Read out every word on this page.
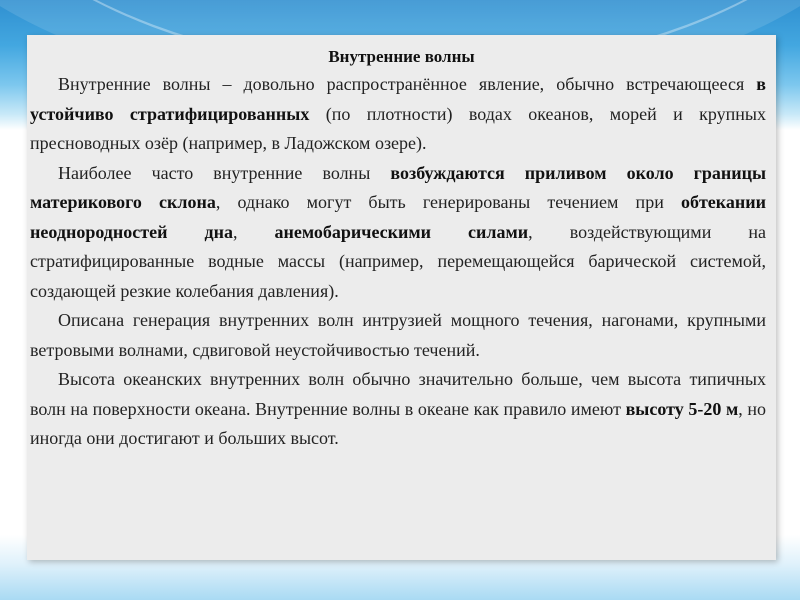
Внутренние волны

Внутренние волны – довольно распространённое явление, обычно встречающееся в устойчиво стратифицированных (по плотности) водах океанов, морей и крупных пресноводных озёр (например, в Ладожском озере).

Наиболее часто внутренние волны возбуждаются приливом около границы материкового склона, однако могут быть генерированы течением при обтекании неоднородностей дна, анемобарическими силами, воздействующими на стратифицированные водные массы (например, перемещающейся барической системой, создающей резкие колебания давления).

Описана генерация внутренних волн интрузией мощного течения, нагонами, крупными ветровыми волнами, сдвиговой неустойчивостью течений.

Высота океанских внутренних волн обычно значительно больше, чем высота типичных волн на поверхности океана. Внутренние волны в океане как правило имеют высоту 5-20 м, но иногда они достигают и больших высот.
